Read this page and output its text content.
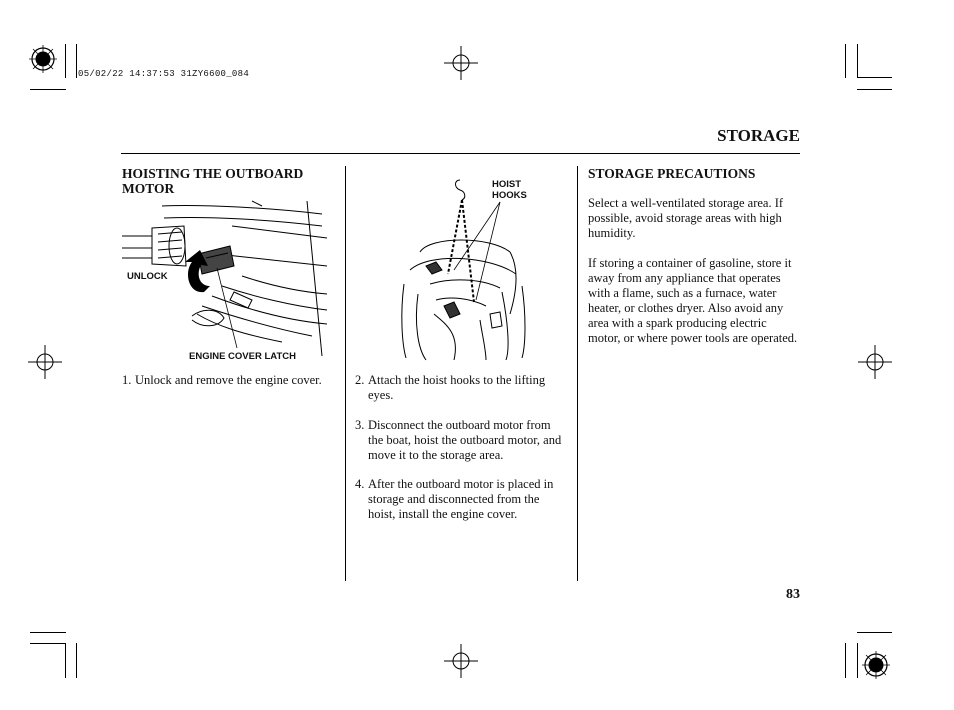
05/02/22 14:37:53 31ZY6600_084
STORAGE
HOISTING THE OUTBOARD MOTOR
UNLOCK
ENGINE COVER LATCH
1. Unlock and remove the engine cover.
HOIST HOOKS
2. Attach the hoist hooks to the lifting eyes.
3. Disconnect the outboard motor from the boat, hoist the outboard motor, and move it to the storage area.
4. After the outboard motor is placed in storage and disconnected from the hoist, install the engine cover.
STORAGE PRECAUTIONS

Select a well-ventilated storage area. If possible, avoid storage areas with high humidity.

If storing a container of gasoline, store it away from any appliance that operates with a flame, such as a furnace, water heater, or clothes dryer. Also avoid any area with a spark producing electric motor, or where power tools are operated.

83
